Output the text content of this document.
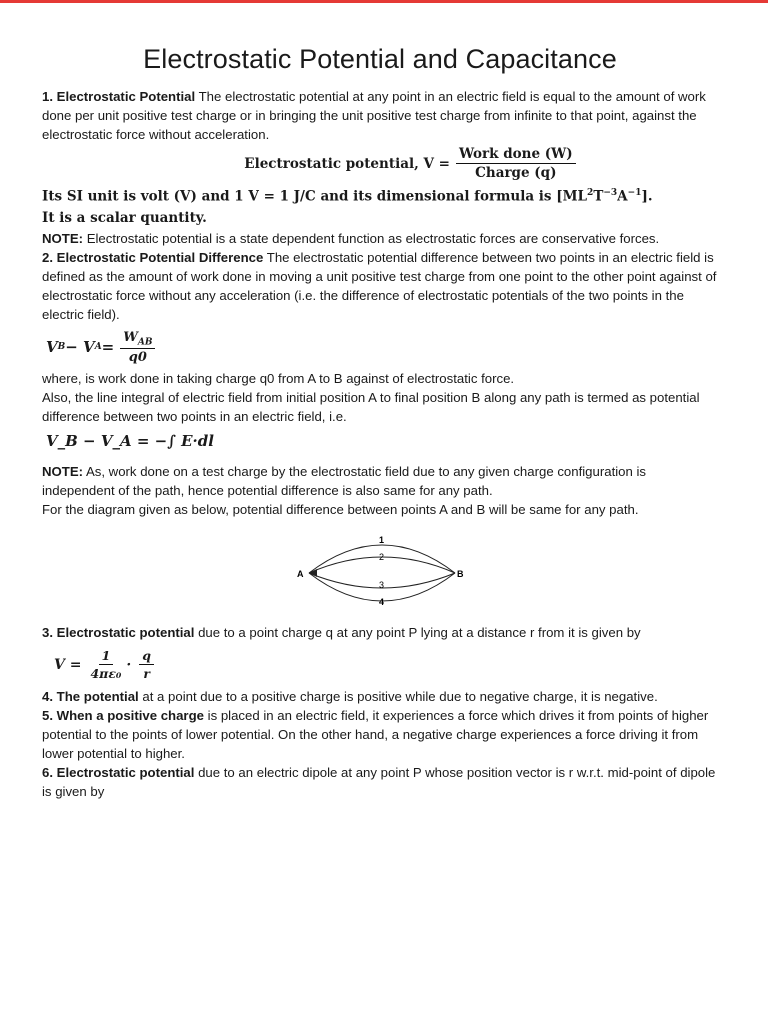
Electrostatic Potential and Capacitance

1. Electrostatic Potential The electrostatic potential at any point in an electric field is equal to the amount of work done per unit positive test charge or in bringing the unit positive test charge from infinite to that point, against the electrostatic force without acceleration.

Electrostatic potential, $V = \frac{\text{Work done (W)}}{\text{Charge (q)}}$

Its SI unit is volt (V) and 1 V = 1 J/C and its dimensional formula is $[ML^2T^{-3}A^{-1}]$.

It is a scalar quantity.

NOTE: Electrostatic potential is a state dependent function as electrostatic forces are conservative forces.

2. Electrostatic Potential Difference The electrostatic potential difference between two points in an electric field is defined as the amount of work done in moving a unit positive test charge from one point to the other point against of electrostatic force without any acceleration (i.e. the difference of electrostatic potentials of the two points in the electric field).

V B − V $A = \frac{W_{AB}}{q0}$

where, is work done in taking charge q0 from A to B against of electrostatic force.

Also, the line integral of electric field from initial position A to final position B along any path is termed as potential difference between two points in an electric field, i.e.

V_B − V_A = −∫ E·dl

NOTE: As, work done on a test charge by the electrostatic field due to any given charge configuration is independent of the path, hence potential difference is also same for any path.

For the diagram given as below, potential difference between points A and B will be same for any path.

A	B
1
2
3
4

3. Electrostatic potential due to a point charge q at any point P lying at a distance r from it is given by

$V = \frac{1}{\text{4πε₀}} \cdot \frac{q}{r}$

4. The potential at a point due to a positive charge is positive while due to negative charge, it is negative.

5. When a positive charge is placed in an electric field, it experiences a force which drives it from points of higher potential to the points of lower potential. On the other hand, a negative charge experiences a force driving it from lower potential to higher.

6. Electrostatic potential due to an electric dipole at any point P whose position vector is r w.r.t. mid-point of dipole is given by
